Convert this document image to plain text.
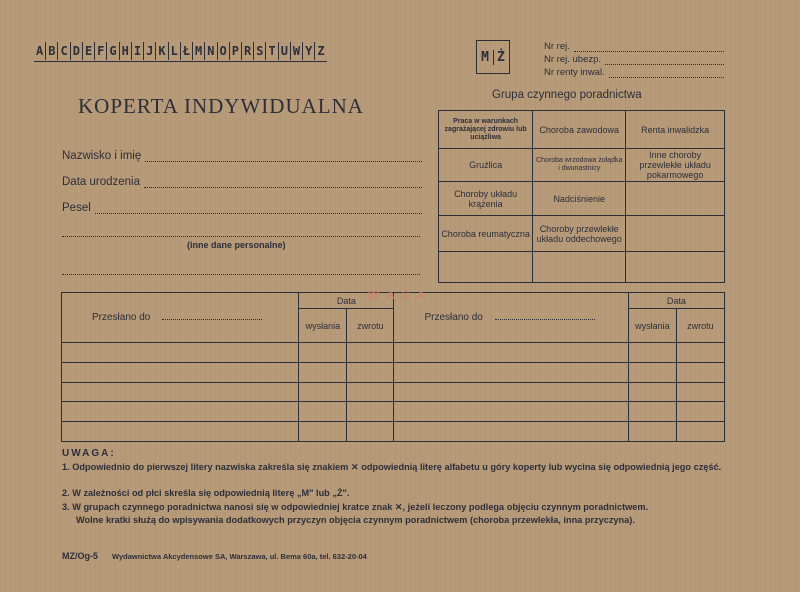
A B C D E F G H I J K L Ł M N O P R S T U W Y Z	M Ż
Nr rej.
Nr rej. ubezp.
Nr renty inwal.
KOPERTA INDYWIDUALNA
Nazwisko i imię
Data urodzenia
Pesel
(inne dane personalne)
Grupa czynnego poradnictwa
Praca w warunkach zagrażającej zdrowiu lub uciążliwa	Choroba zawodowa	Renta inwalidzka
Gruźlica	Choroba wrzodowa żołądka i dwunastnicy	Inne choroby przewlekłe układu pokarmowego
Choroby układu krążenia	Nadciśnienie	
Choroba reumatyczna	Choroby przewlekłe układu oddechowego	

Przesłano do	Data		Przesłano do	Data	
	wysłania	zwrotu		wysłania	zwrotu

W A S A
UWAGA:
1. Odpowiednio do pierwszej litery nazwiska zakreśla się znakiem ✕ odpowiednią literę alfabetu u góry koperty lub wycina się odpowiednią jego część.
2. W zależności od płci skreśla się odpowiednią literę „M" lub „Ż".
3. W grupach czynnego poradnictwa nanosi się w odpowiedniej kratce znak ✕, jeżeli leczony podlega objęciu czynnym poradnictwem.
Wolne kratki służą do wpisywania dodatkowych przyczyn objęcia czynnym poradnictwem (choroba przewlekła, inna przyczyna).
MZ/Og-5 Wydawnictwa Akcydensowe SA, Warszawa, ul. Bema 60a, tel. 632-20-04
